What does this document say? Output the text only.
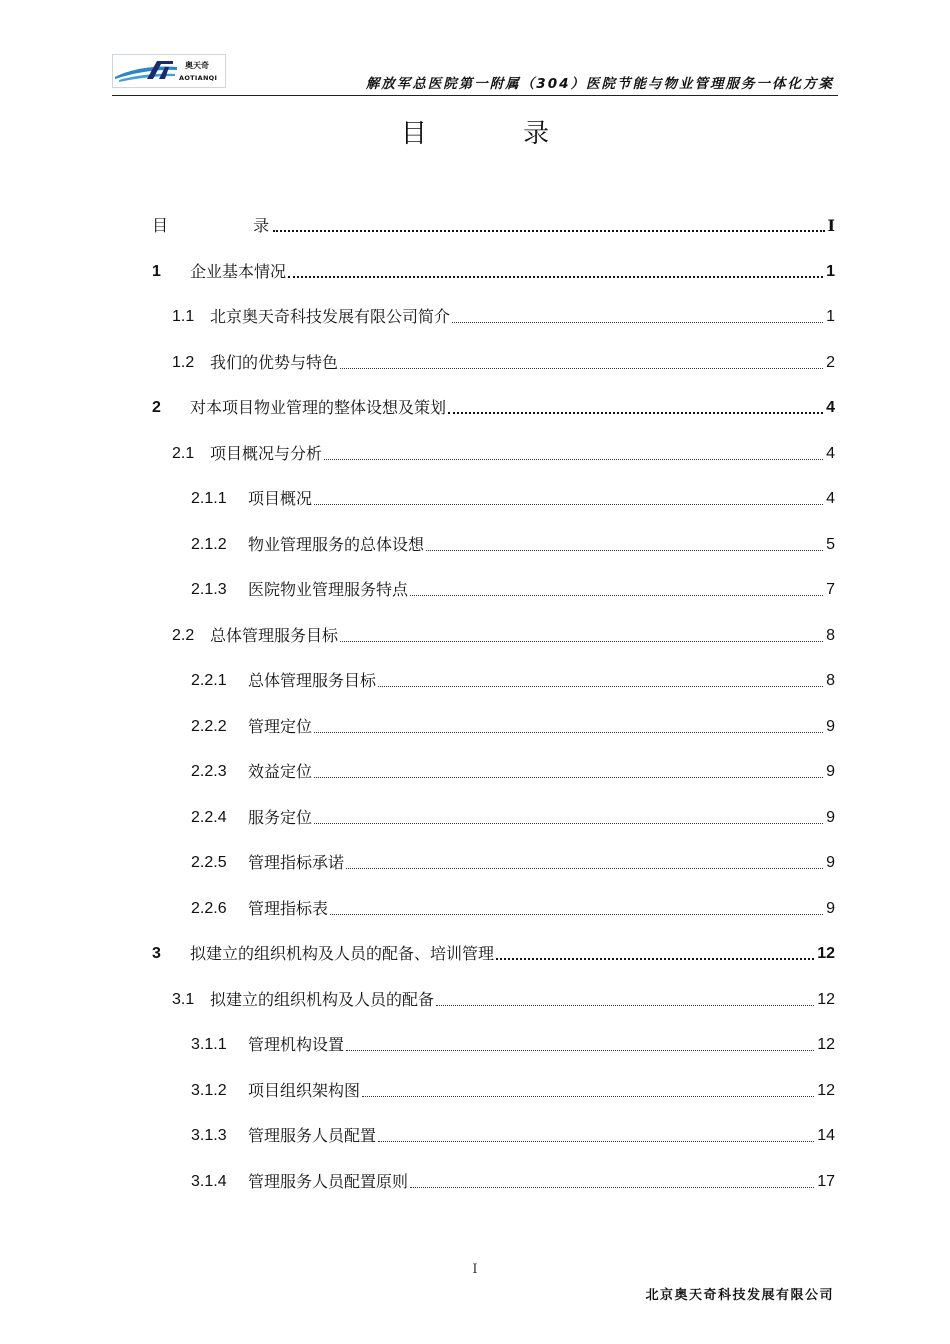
奥天奇
AOTIANQI	解放军总医院第一附属（304）医院节能与物业管理服务一体化方案
目 录
目 录	I
1	企业基本情况	1
1.1 北京奥天奇科技发展有限公司简介	1
1.2 我们的优势与特色	2
2	对本项目物业管理的整体设想及策划	4
2.1 项目概况与分析	4
2.1.1	项目概况	4
2.1.2	物业管理服务的总体设想	5
2.1.3	医院物业管理服务特点	7
2.2 总体管理服务目标	8
2.2.1	总体管理服务目标	8
2.2.2	管理定位	9
2.2.3	效益定位	9
2.2.4	服务定位	9
2.2.5	管理指标承诺	9
2.2.6	管理指标表	9
3	拟建立的组织机构及人员的配备、培训管理	12
3.1 拟建立的组织机构及人员的配备	12
3.1.1	管理机构设置	12
3.1.2	项目组织架构图	12
3.1.3	管理服务人员配置	14
3.1.4	管理服务人员配置原则	17
I
北京奥天奇科技发展有限公司
